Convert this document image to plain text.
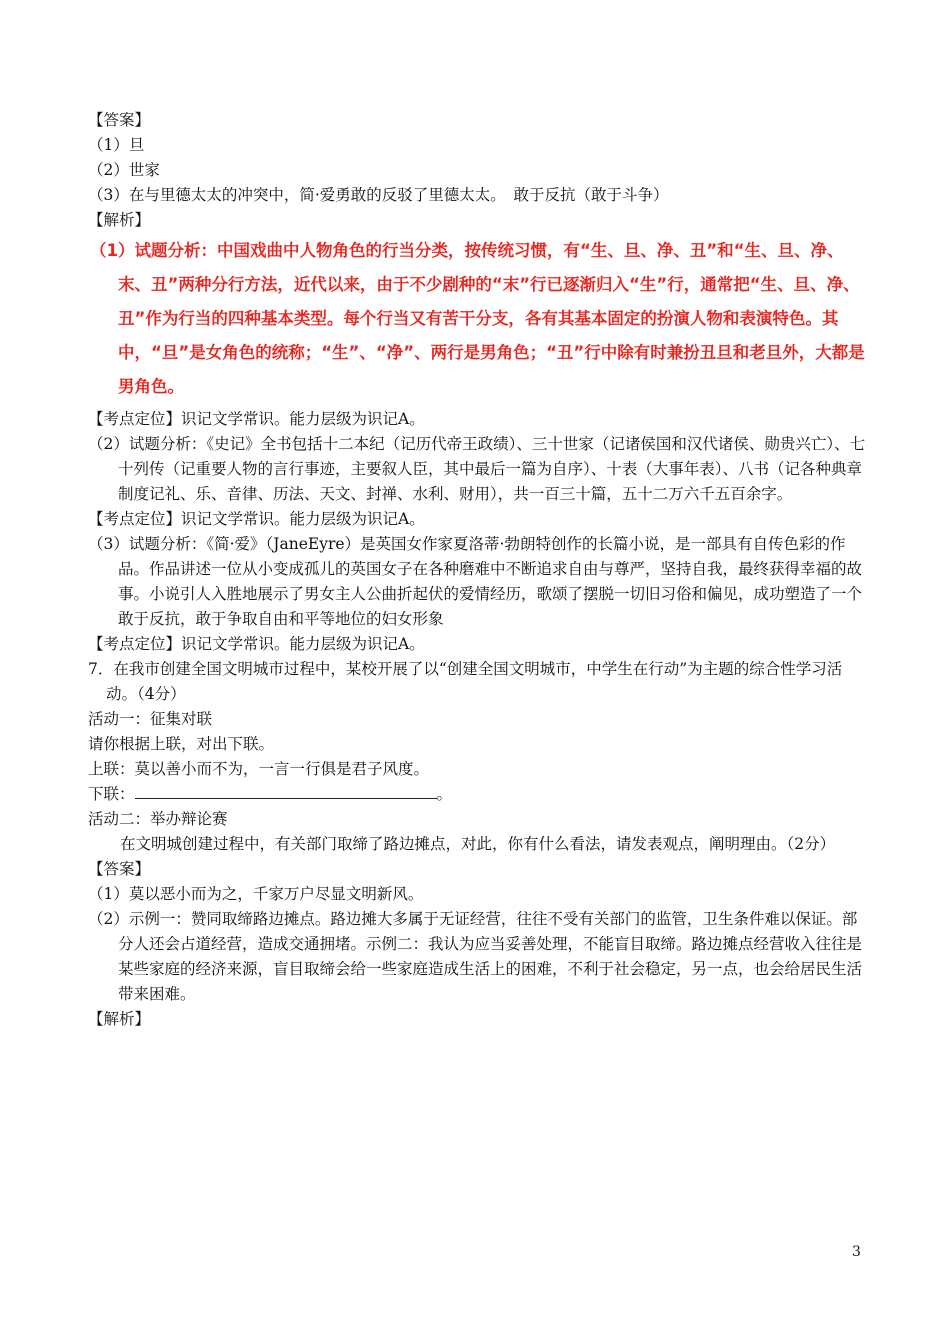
【答案】
（1）旦
（2）世家
（3）在与里德太太的冲突中，简·爱勇敢的反驳了里德太太。　敢于反抗（敢于斗争）
【解析】
（1）试题分析：中国戏曲中人物角色的行当分类，按传统习惯，有“生、旦、净、丑”和“生、旦、净、末、丑”两种分行方法，近代以来，由于不少剧种的“末”行已逐渐归入“生”行，通常把“生、旦、净、丑”作为行当的四种基本类型。每个行当又有苦干分支，各有其基本固定的扮演人物和表演特色。其中，“旦”是女角色的统称；“生”、“净”、两行是男角色；“丑”行中除有时兼扮丑旦和老旦外，大都是男角色。
【考点定位】识记文学常识。能力层级为识记A。
（2）试题分析：《史记》全书包括十二本纪（记历代帝王政绩）、三十世家（记诸侯国和汉代诸侯、勋贵兴亡）、七十列传（记重要人物的言行事迹，主要叙人臣，其中最后一篇为自序）、十表（大事年表）、八书（记各种典章制度记礼、乐、音律、历法、天文、封禅、水利、财用），共一百三十篇，五十二万六千五百余字。
【考点定位】识记文学常识。能力层级为识记A。
（3）试题分析：《简·爱》（JaneEyre）是英国女作家夏洛蒂·勃朗特创作的长篇小说，是一部具有自传色彩的作品。作品讲述一位从小变成孤儿的英国女子在各种磨难中不断追求自由与尊严，坚持自我，最终获得幸福的故事。小说引人入胜地展示了男女主人公曲折起伏的爱情经历，歌颂了摆脱一切旧习俗和偏见，成功塑造了一个敢于反抗，敢于争取自由和平等地位的妇女形象
【考点定位】识记文学常识。能力层级为识记A。
7．在我市创建全国文明城市过程中，某校开展了以“创建全国文明城市，中学生在行动”为主题的综合性学习活动。（4分）
活动一：征集对联
请你根据上联，对出下联。
上联：莫以善小而不为，一言一行俱是君子风度。
下联：	。
活动二：举办辩论赛
在文明城创建过程中，有关部门取缔了路边摊点，对此，你有什么看法，请发表观点，阐明理由。（2分）
【答案】
（1）莫以恶小而为之，千家万户尽显文明新风。
（2）示例一：赞同取缔路边摊点。路边摊大多属于无证经营，往往不受有关部门的监管，卫生条件难以保证。部分人还会占道经营，造成交通拥堵。示例二：我认为应当妥善处理，不能盲目取缔。路边摊点经营收入往往是某些家庭的经济来源，盲目取缔会给一些家庭造成生活上的困难，不利于社会稳定，另一点，也会给居民生活带来困难。
【解析】
3
